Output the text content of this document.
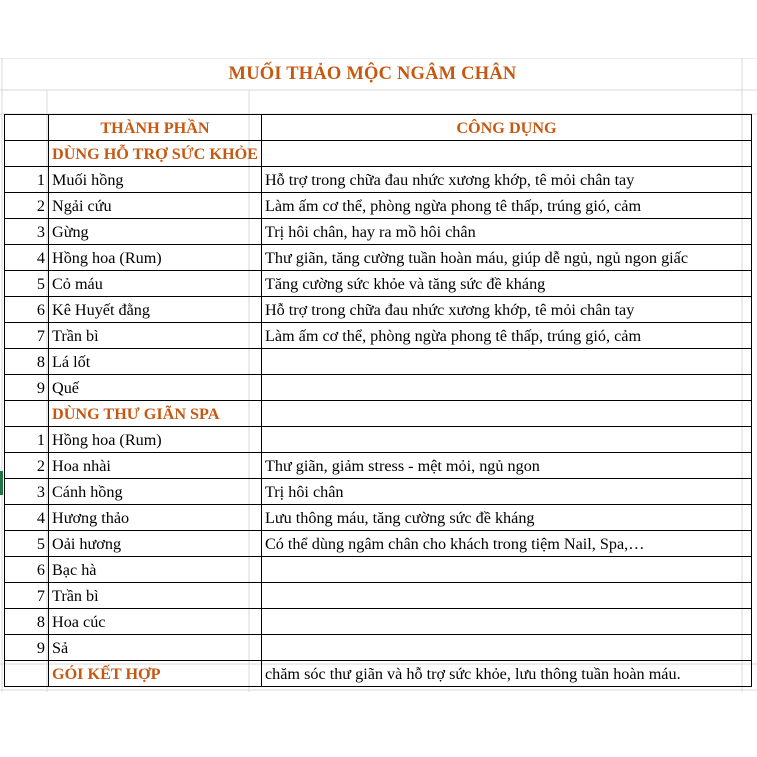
MUỐI THẢO MỘC NGÂM CHÂN
	THÀNH PHẦN	CÔNG DỤNG
	DÙNG HỖ TRỢ SỨC KHỎE	
1	Muối hồng	Hỗ trợ trong chữa đau nhức xương khớp, tê mỏi chân tay
2	Ngải cứu	Làm ấm cơ thể, phòng ngừa phong tê thấp, trúng gió, cảm
3	Gừng	Trị hôi chân, hay ra mồ hôi chân
4	Hồng hoa (Rum)	Thư giãn, tăng cường tuần hoàn máu, giúp dễ ngủ, ngủ ngon giấc
5	Cỏ máu	Tăng cường sức khỏe và tăng sức đề kháng
6	Kê Huyết đằng	Hỗ trợ trong chữa đau nhức xương khớp, tê mỏi chân tay
7	Trần bì	Làm ấm cơ thể, phòng ngừa phong tê thấp, trúng gió, cảm
8	Lá lốt	
9	Quế	
	DÙNG THƯ GIÃN SPA	
1	Hồng hoa (Rum)	
2	Hoa nhài	Thư giãn, giảm stress - mệt mỏi, ngủ ngon
3	Cánh hồng	Trị hôi chân
4	Hương thảo	Lưu thông máu, tăng cường sức đề kháng
5	Oải hương	Có thể dùng ngâm chân cho khách trong tiệm Nail, Spa,…
6	Bạc hà	
7	Trần bì	
8	Hoa cúc	
9	Sả	
	GÓI KẾT HỢP	chăm sóc thư giãn và hỗ trợ sức khỏe, lưu thông tuần hoàn máu.
